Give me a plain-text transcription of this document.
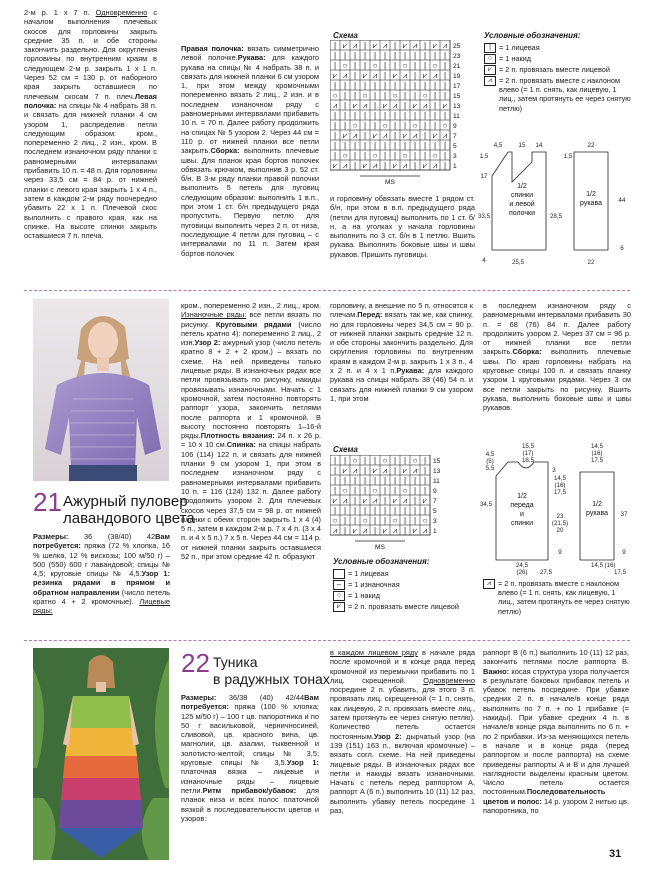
2-м р. 1 х 7 п. Одновременно с началом выполнения плечевых скосов для горловины закрыть средние 35 п. и обе стороны закончить раздельно. Для округления горловины по внутренним краям в следующем 2-м р. закрыть 1 х 1 п. Через 52 см = 130 р. от наборного края закрыть оставшиеся по плечевым скосам 7 п. плеч.Левая полочка: на спицы № 4 набрать 38 п. и связать для нижней планки 4 см узором 1, распределив петли следующим образом: кром., попеременно 2 лиц., 2 изн., кром. В последнем изнаночном ряду планки с равномерными интервалами прибавить 10 п. = 48 п. Для горловины через 33,5 см = 84 р. от нижней планки с левого края закрыть 1 х 4 п., затем в каждом 2-м ряду поочередно убавить 22 х 1 п. Плечевой скос выполнить с правого края, как на спинке. На высоте спинки закрыть оставшиеся 7 п. плеча.

Правая полочка: вязать симметрично левой полочке.Рукава: для каждого рукава на спицы № 4 набрать 38 п. и связать для нижней планки 6 см узором 1, при этом между кромочными попеременно вязать 2 лиц., 2 изн. и в последнем изнаночном ряду с равномерными интервалами прибавить 10 п. = 70 п. Далее работу продолжить на спицах № 5 узором 2. Через 44 см = 110 р. от нижней планки все петли закрыть.Сборка: выполнить плечевые швы. Для планок края бортов полочек обвязать крючком, выполнив 3 р. 52 ст. б/н. В 3-м ряду планки правой полочки выполнить 5 петель для пуговиц следующим образом: выполнить 1 в.п., при этом 1 ст. б/н предыдущего ряда пропустить. Первую петлю для пуговицы выполнить через 2 п. от низа, последующие 4 петли для пуговиц – с интервалами по 11 п. Затем края бортов полочек

и горловину обвязать вместе 1 рядом ст. б/н, при этом в в.п. предыдущего ряда (петли для пуговиц) выполнить по 1 ст. б/н, а на уголках у начала горловины выполнить по 3 ст. б/н в 1 петлю. Вшить рукава. Выполнить боковые швы и швы рукавов. Пришить пуговицы.

Схема
| ⩗ ⩘ | ⩗ ⩘ | ⩗ ⩘ | ⩗ ⩘ 25
| | | | | | | | | | | | 23
| ○ | | ○ | | ○ | | ○ | 21
⩗ ⩘ | ⩗ ⩘ | ⩗ ⩘ | ⩗ ⩘ | 19
| | | | | | | | | | | | 17
○ | | ○ | | ○ | | ○ | | 15
⩘ | ⩗ ⩘ | ⩗ ⩘ | ⩗ ⩘ | ⩗ 13
| | | | | | | | | | | | 11
| | ○ | | ○ | | ○ | | ○ 9
| ⩗ ⩘ | ⩗ ⩘ | ⩗ ⩘ | ⩗ ⩘ 7
| | | | | | | | | | | | 5
| ○ | | ○ | | ○ | | ○ | 3
⩗ ⩘ | ⩗ ⩘ | ⩗ ⩘ | ⩗ ⩘ | 1
MS
Условные обозначения:
|	= 1 лицевая
○ = 1 накид
⩗ = 2 п. провязать вместе лицевой
⩘ = 2 п. провязать вместе с наклоном влево (= 1 п. снять, как лицевую, 1 лиц., затем протянуть ее через снятую петлю)
4,5	15 14
1,5
17
33,5	28,5
4	25,5
22
1,5
44
6
22
1/2
спинки
и левой
полочки
1/2
рукава
21 Ажурный пуловер
лавандового цвета

Размеры: 36 (38/40) 42Вам потребуется: пряжа (72 % хлопка, 16 % шелка, 12 % вискозы; 100 м/50 г) – 500 (550) 600 г лавандовой; спицы № 4,5; круговые спицы № 4,5.Узор 1: резинка рядами в прямом и обратном направлении (число петель кратно 4 + 2 кромочные). Лицевые ряды:

кром., попеременно 2 изн., 2 лиц., кром. Изнаночные ряды: все петли вязать по рисунку. Круговыми рядами (число петель кратно 4): попеременно 2 лиц., 2 изн.Узор 2: ажурный узор (число петель кратно 8 + 2 + 2 кром.) – вязать по схеме. На ней приведены только лицевые ряды. В изнаночных рядах все петли провязывать по рисунку, накиды провязывать изнаночными. Начать с 1 кромочной, затем постоянно повторять раппорт узора, закончить петлями после раппорта и 1 кромочной. В высоту постоянно повторять 1–16-й ряды.Плотность вязания: 24 п. х 26 р. = 10 х 10 см.Спинка: на спицы набрать 106 (114) 122 п. и связать для нижней планки 9 см узором 1, при этом в последнем изнаночном ряду с равномерными интервалами прибавить 10 п. = 116 (124) 132 п. Далее работу продолжить узором 2. Для плечевых скосов через 37,5 см = 98 р. от нижней планки с обеих сторон закрыть 1 х 4 (4) 5 п., затем в каждом 2-м р. 7 х 4 п. (3 х 4 п. и 4 х 5 п.) 7 х 5 п. Через 44 см = 114 р. от нижней планки закрыть оставшиеся 52 п., при этом средние 42 п. образуют

горловину, а внешние по 5 п. относятся к плечам.Перед: вязать так же, как спинку, но для горловины через 34,5 см = 90 р. от нижней планки закрыть средние 12 п. и обе стороны закончить раздельно. Для скругления горловины по внутренним краям в каждом 2-м р. закрыть 1 х 3 п., 4 х 2 п. и 4 х 1 п.Рукава: для каждого рукава на спицы набрать 38 (46) 54 п. и связать для нижней планки 9 см узором 1, при этом

в последнем изнаночном ряду с равномерными интервалами прибавить 30 п. = 68 (76) 84 п. Далее работу продолжить узором 2. Через 37 см = 96 р. от нижней планки все петли закрыть.Сборка: выполнить плечевые швы. По краю горловины набрать на круговые спицы 100 п. и связать планку узором 1 круговыми рядами. Через 3 см все петли закрыть по рисунку. Вшить рукава, выполнить боковые швы и швы рукавов.

Схема
| | ○ | | ○ | | ○ | 15
| ⩗ ⩘ | ⩗ ⩘ | ⩗ ⩘ | 13
| | | | | | | | | | 11
| ○ | | ○ | | ○ | | 9
⩗ ⩘ | ⩗ ⩘ | ⩗ ⩘ | ⩗ 7
| | | | | | | | | | 5
○ | | ○ | | ○ | | ○ 3
⩘ | ⩗ ⩘ | ⩗ ⩘ | ⩗ ⩘ 1
MS
Условные обозначения:
= 1 лицевая
– = 1 изнаночная
○ = 1 накид
⩗ = 2 п. провязать вместе лицевой
⩘ = 2 п. провязать вместе с наклоном влево (= 1 п. снять, как лицевую, 1 лиц., затем протянуть ее через снятую петлю)
15,5
(17)
18,5
4,5
(5)
5,5	3
14,5
(16)
17,5
34,5
23
(21,5)
20
9
24,5
(26) 27,5
14,5
(16)
17,5
37
9
14,5 (16)
17,5
1/2
переда
и
спинки
1/2
рукава
22 Туника
в радужных тонах

Размеры: 36/38 (40) 42/44Вам потребуется: пряжа (100 % хлопка; 125 м/50 г) – 100 г цв. папоротника и по 50 г васильковой, черничносиней, сливовой, цв. красного вина, цв. магнолии, цв. азалии, тыквенной и золотисто-желтой; спицы № 3,5; круговые спицы № 3,5.Узор 1: платочная вязка – лицевые и изнаночные ряды – лицевые петли.Ритм прибавок/убавок: для планок низа и всех полос платочной вязкой в последовательности цветов и узоров:

в каждом лицевом ряду в начале ряда после кромочной и в конце ряда перед кромочной из перемычки прибавить по 1 лиц. скрещенной. Одновременно посредине 2 п. убавить, для этого 3 п. провязать лиц. скрещенной (= 1 п. снять, как лицевую, 2 п. провязать вместе лиц., затем протянуть ее через снятую петлю). Количество петель остается постоянным.Узор 2: дырчатый узор (на 139 (151) 163 п., включая кромочные) – вязать согл. схеме. На ней приведены лицевые ряды. В изнаночных рядах все петли и накиды вязать изнаночными. Начать с петель перед раппортом A, раппорт A (6 п.) выполнить 10 (11) 12 раз, выполнить убавку петель посредине 1 раз,

раппорт B (6 п.) выполнить 10 (11) 12 раз, закончить петлями после раппорта B. Важно: косая структура узора получается в результате боковых прибавок петель и убавок петель посредине. При убавке средних 2 п. в начале/в конце ряда выполнить по 7 п. + по 1 прибавке (= накиды). При убавке средних 4 п. в начале/в конце ряда выполнить по 6 п. + по 2 прибавки. Из-за меняющихся петель в начале и в конце ряда (перед раппортом и после раппорта) на схеме приведены раппорты A и B и для лучшей наглядности выделены красным цветом. Число петель остается постоянным.Последовательность цветов и полос: 14 р. узором 2 нитью цв. папоротника, по

31
